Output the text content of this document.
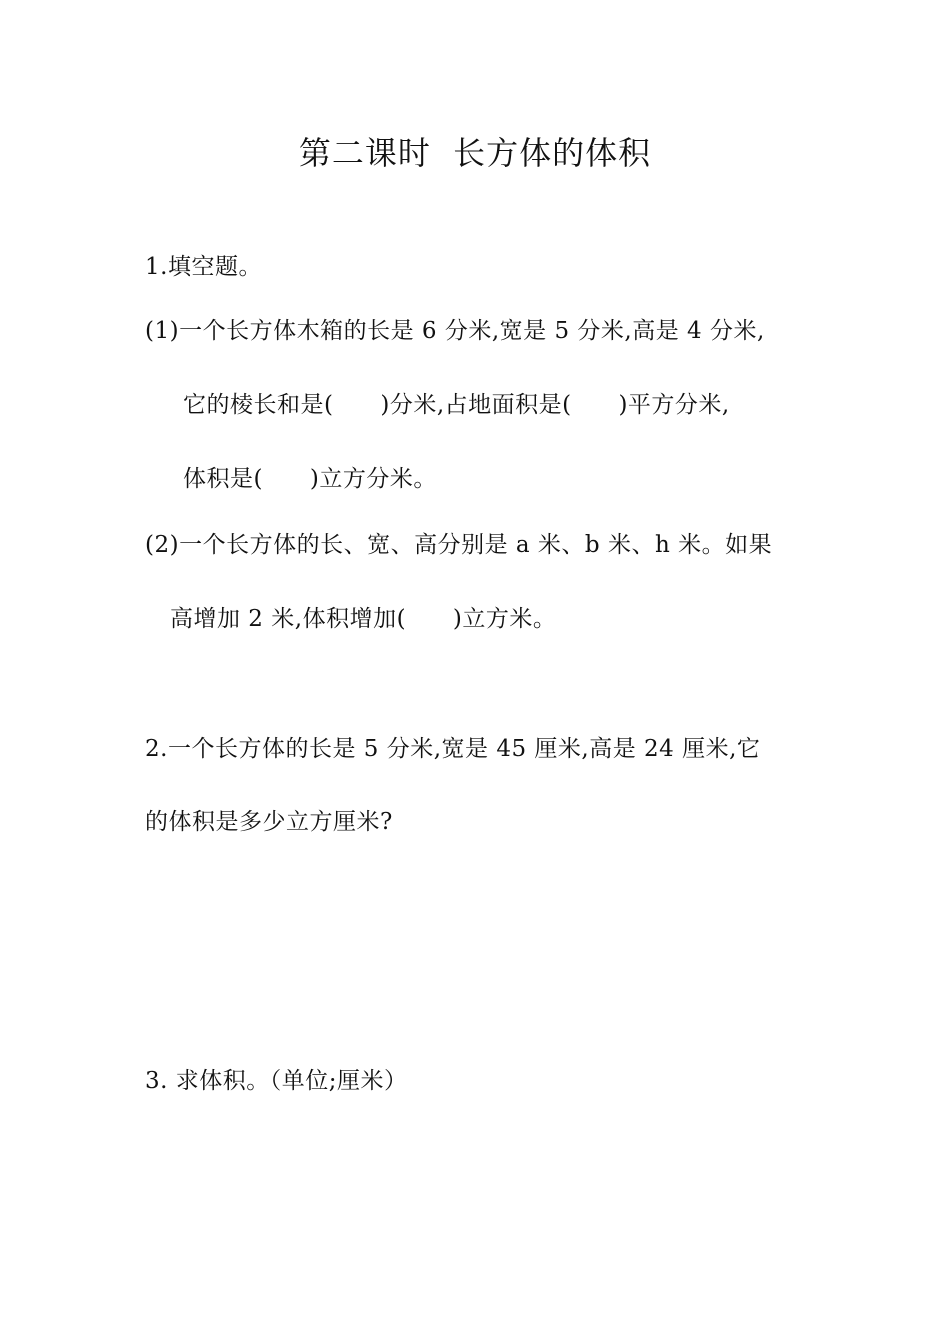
第二课时  长方体的体积
1.填空题。
(1)一个长方体木箱的长是 6 分米,宽是 5 分米,高是 4 分米,
它的棱长和是(      )分米,占地面积是(      )平方分米,
体积是(      )立方分米。
(2)一个长方体的长、宽、高分别是 a 米、b 米、h 米。如果
高增加 2 米,体积增加(      )立方米。
2.一个长方体的长是 5 分米,宽是 45 厘米,高是 24 厘米,它
的体积是多少立方厘米?
3. 求体积。（单位;厘米）
